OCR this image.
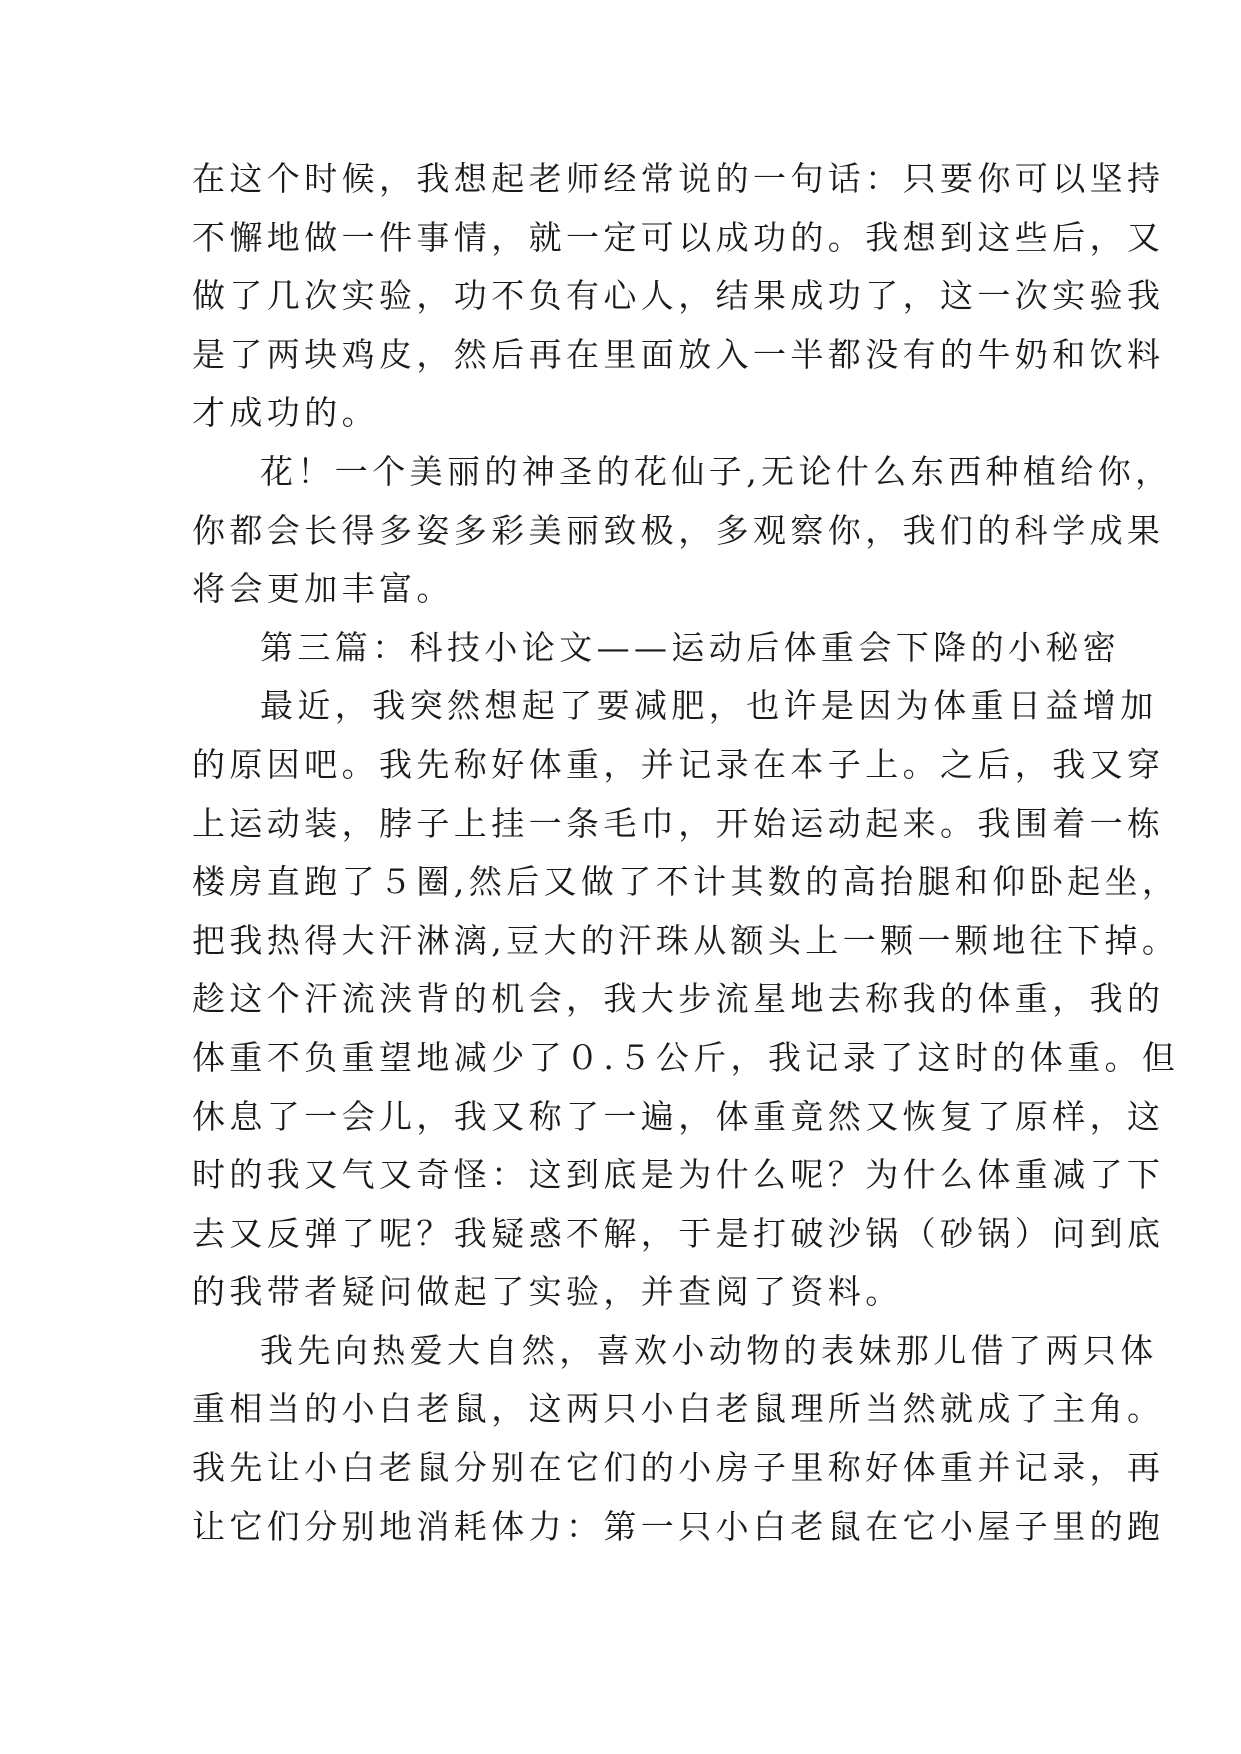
在这个时候，我想起老师经常说的一句话：只要你可以坚持
不懈地做一件事情，就一定可以成功的。我想到这些后，又
做了几次实验，功不负有心人，结果成功了，这一次实验我
是了两块鸡皮，然后再在里面放入一半都没有的牛奶和饮料
才成功的。
花！一个美丽的神圣的花仙子,无论什么东西种植给你，
你都会长得多姿多彩美丽致极，多观察你，我们的科学成果
将会更加丰富。
第三篇：科技小论文——运动后体重会下降的小秘密
最近，我突然想起了要减肥，也许是因为体重日益增加
的原因吧。我先称好体重，并记录在本子上。之后，我又穿
上运动装，脖子上挂一条毛巾，开始运动起来。我围着一栋
楼房直跑了５圈,然后又做了不计其数的高抬腿和仰卧起坐，
把我热得大汗淋漓,豆大的汗珠从额头上一颗一颗地往下掉。
趁这个汗流浃背的机会，我大步流星地去称我的体重，我的
体重不负重望地减少了０.５公斤，我记录了这时的体重。但
休息了一会儿，我又称了一遍，体重竟然又恢复了原样，这
时的我又气又奇怪：这到底是为什么呢？为什么体重减了下
去又反弹了呢？我疑惑不解，于是打破沙锅（砂锅）问到底
的我带者疑问做起了实验，并查阅了资料。
我先向热爱大自然，喜欢小动物的表妹那儿借了两只体
重相当的小白老鼠，这两只小白老鼠理所当然就成了主角。
我先让小白老鼠分别在它们的小房子里称好体重并记录，再
让它们分别地消耗体力：第一只小白老鼠在它小屋子里的跑
